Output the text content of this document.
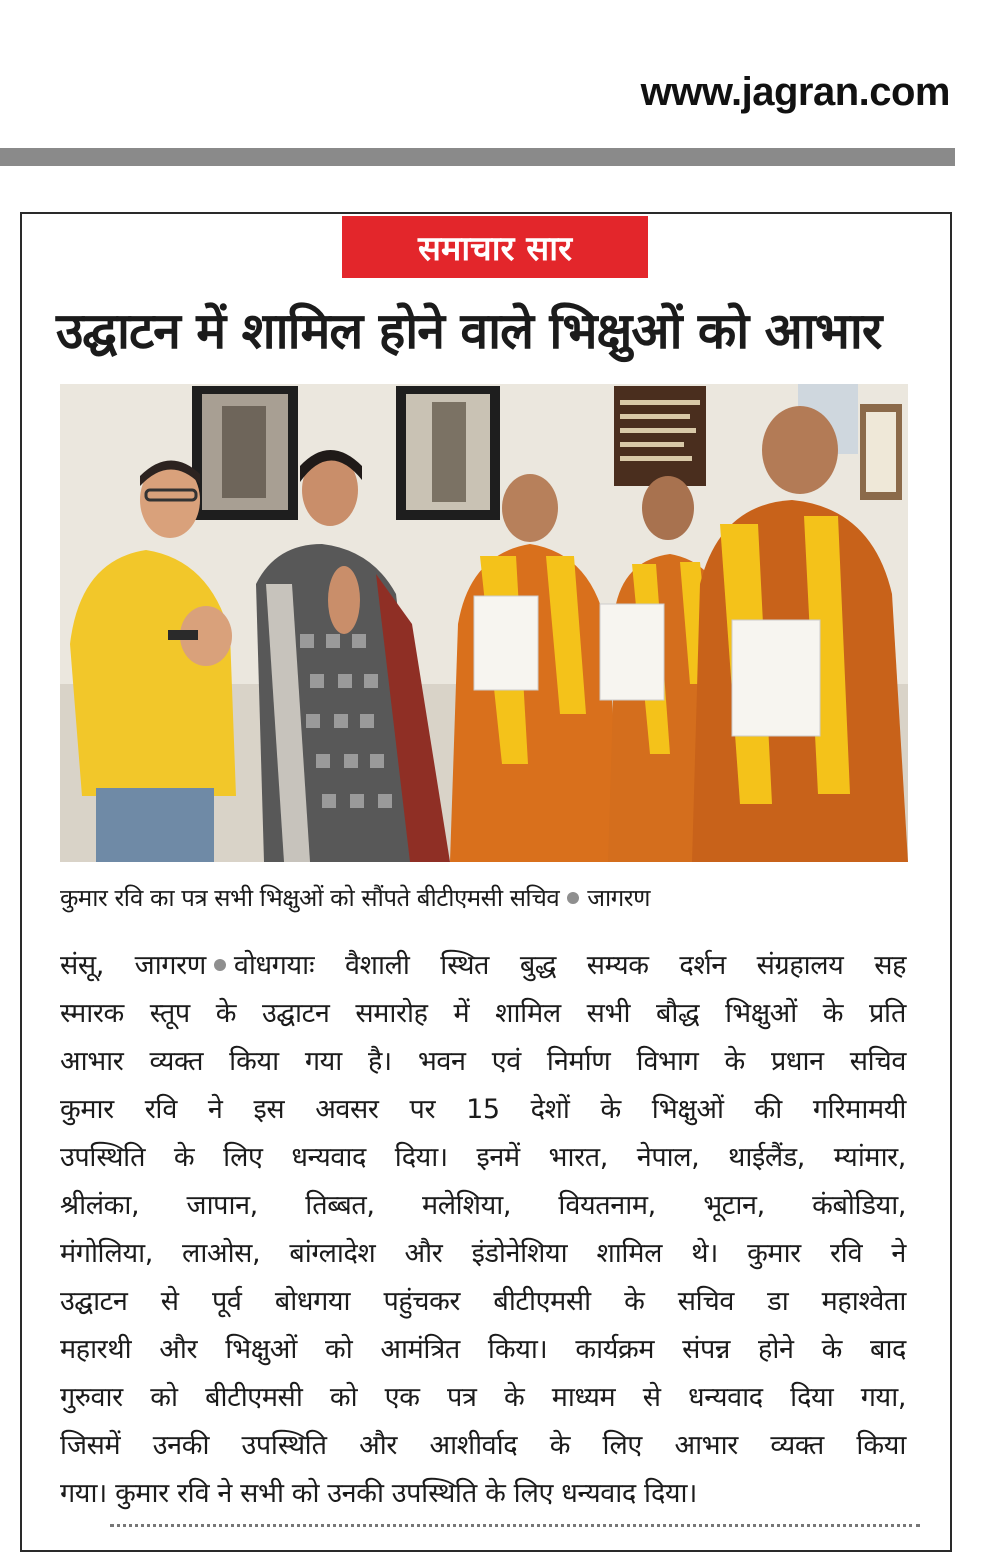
www.jagran.com
समाचार सार
उद्घाटन में शामिल होने वाले भिक्षुओं को आभार
कुमार रवि का पत्र सभी भिक्षुओं को सौंपते बीटीएमसी सचिव जागरण
संसू, जागरण वोधगयाः वैशाली स्थित बुद्ध सम्यक दर्शन संग्रहालय सह
स्मारक स्तूप के उद्घाटन समारोह में शामिल सभी बौद्ध भिक्षुओं के प्रति
आभार व्यक्त किया गया है। भवन एवं निर्माण विभाग के प्रधान सचिव
कुमार रवि ने इस अवसर पर 15 देशों के भिक्षुओं की गरिमामयी
उपस्थिति के लिए धन्यवाद दिया। इनमें भारत, नेपाल, थाईलैंड, म्यांमार,
श्रीलंका, जापान, तिब्बत, मलेशिया, वियतनाम, भूटान, कंबोडिया,
मंगोलिया, लाओस, बांग्लादेश और इंडोनेशिया शामिल थे। कुमार रवि ने
उद्घाटन से पूर्व बोधगया पहुंचकर बीटीएमसी के सचिव डा महाश्वेता
महारथी और भिक्षुओं को आमंत्रित किया। कार्यक्रम संपन्न होने के बाद
गुरुवार को बीटीएमसी को एक पत्र के माध्यम से धन्यवाद दिया गया,
जिसमें उनकी उपस्थिति और आशीर्वाद के लिए आभार व्यक्त किया
गया। कुमार रवि ने सभी को उनकी उपस्थिति के लिए धन्यवाद दिया।
